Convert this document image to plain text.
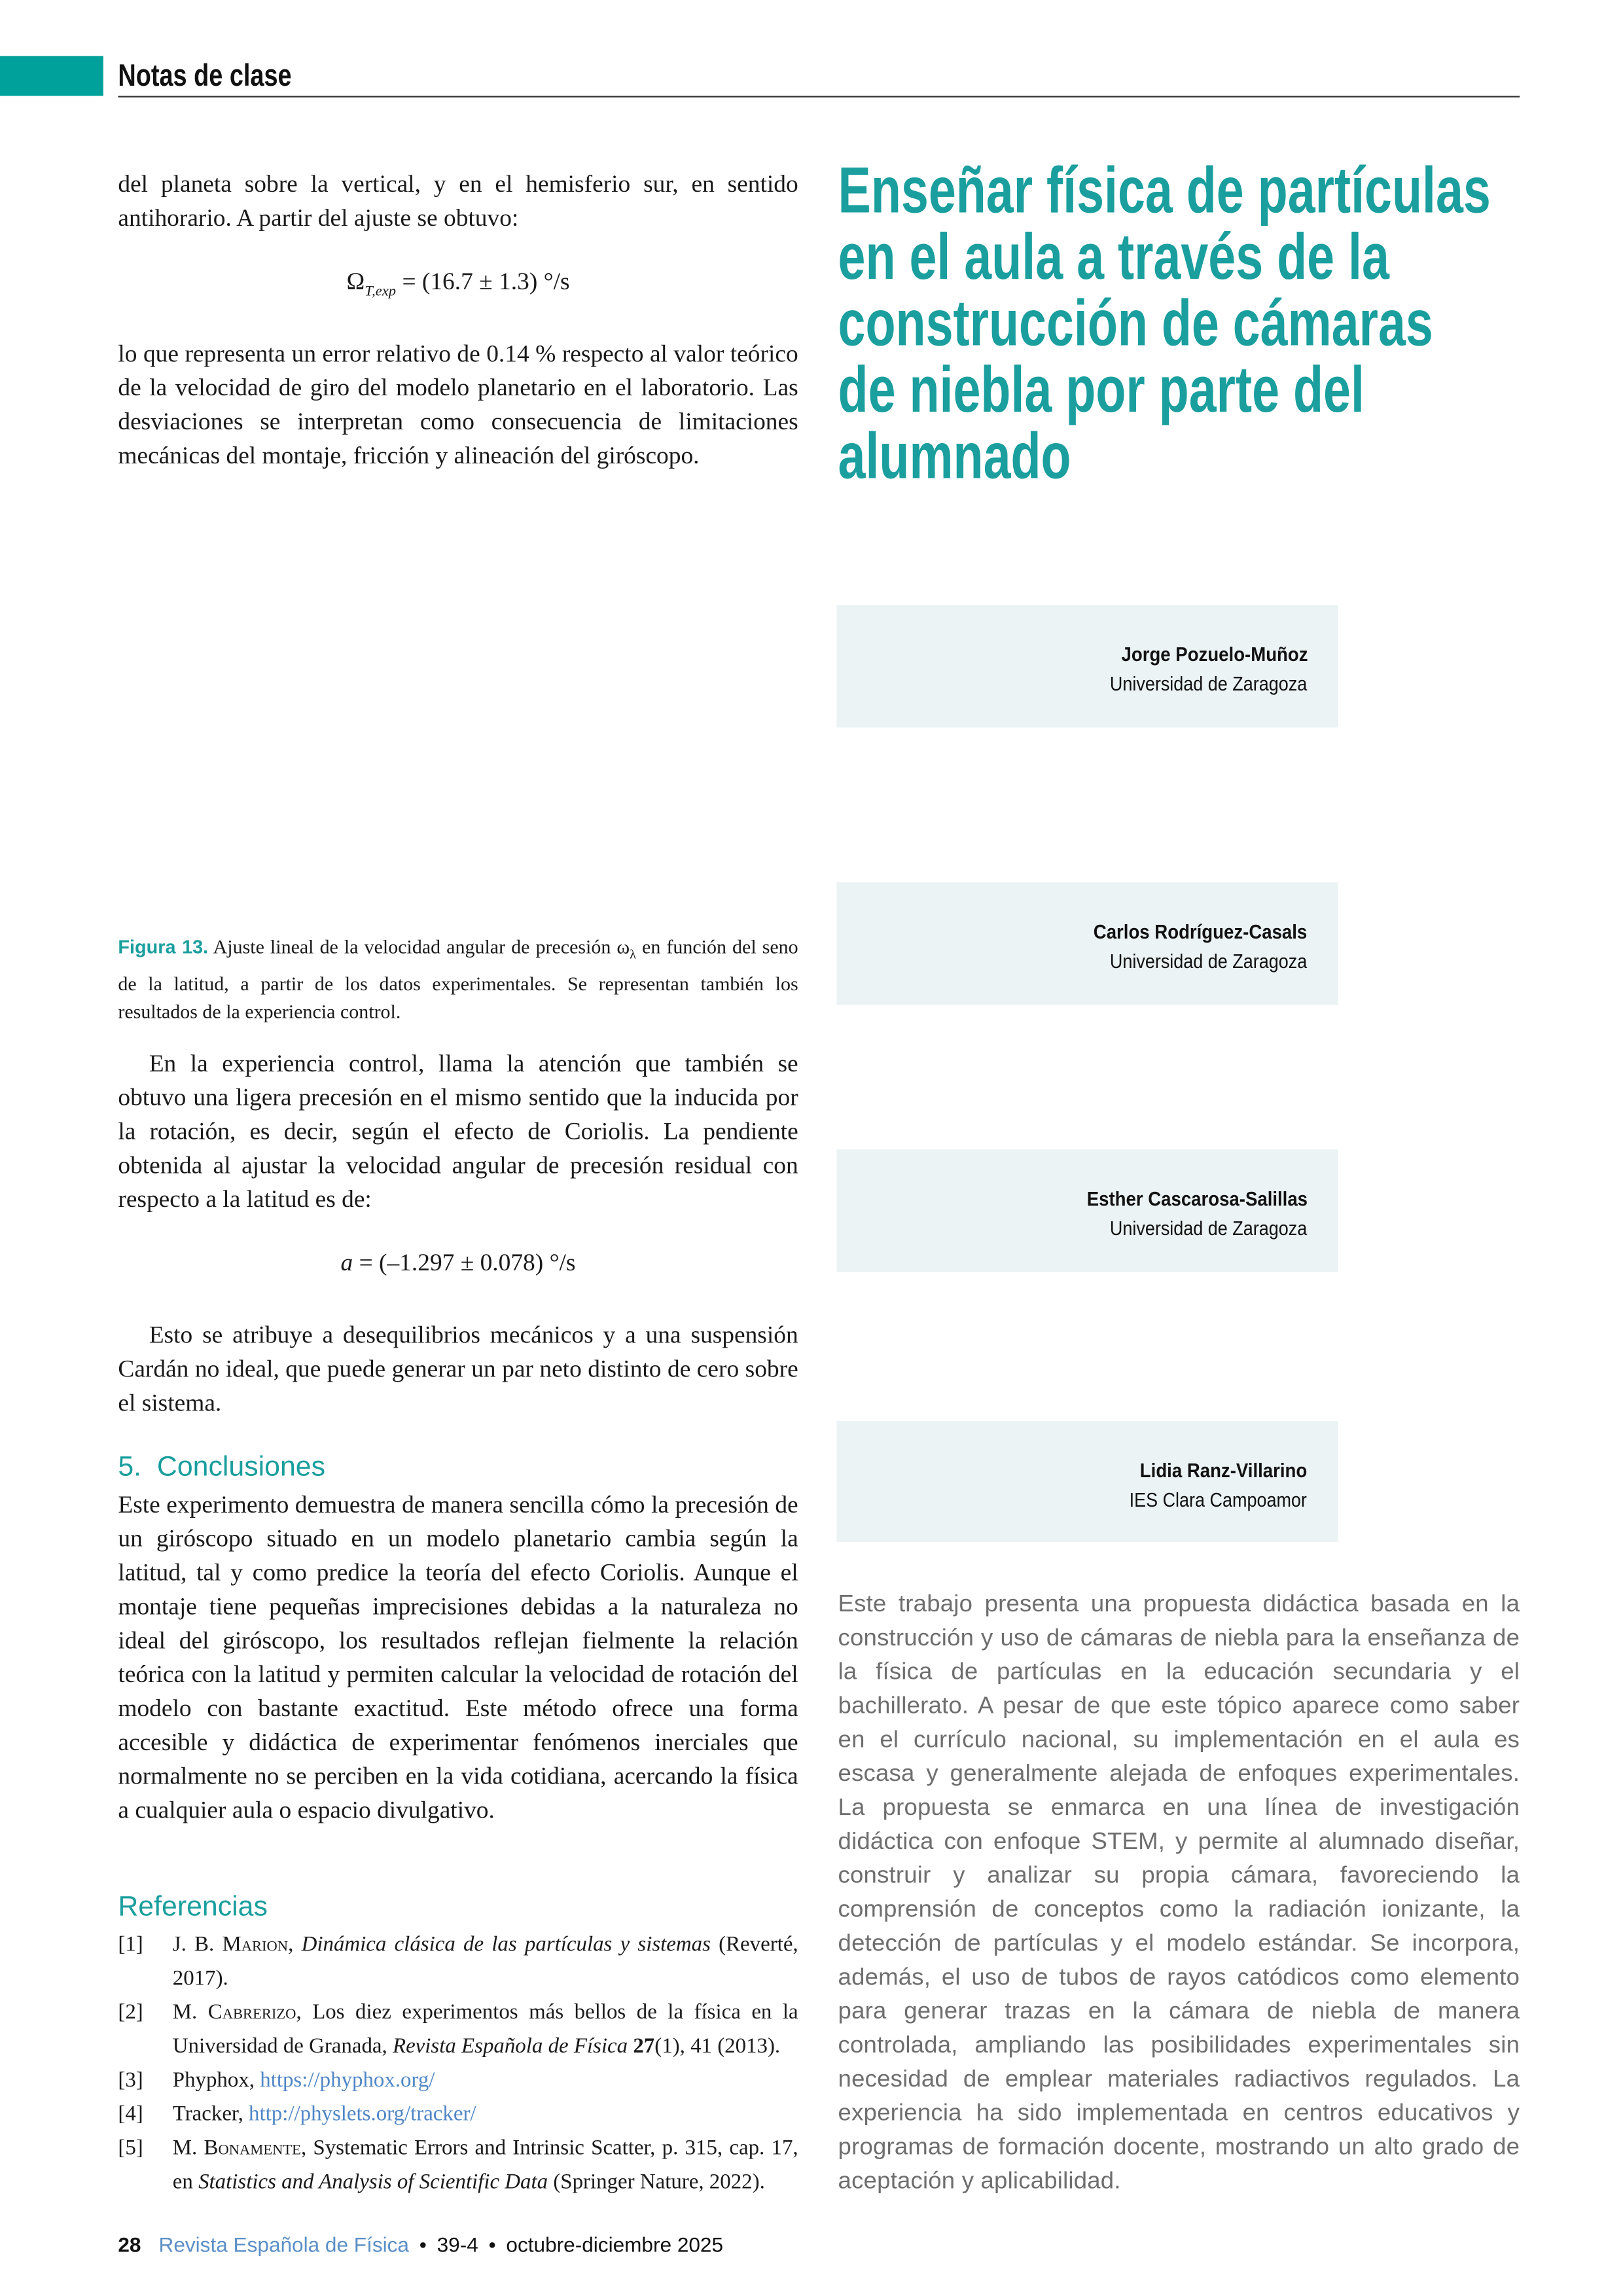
Notas de clase

del planeta sobre la vertical, y en el hemisferio sur, en sentido antihorario. A partir del ajuste se obtuvo:

$\Omega_{T,exp} = (16.7 \pm 1.3)$ °/s

lo que representa un error relativo de 0.14 % respecto al valor teórico de la velocidad de giro del modelo planetario en el laboratorio. Las desviaciones se interpretan como consecuencia de limitaciones mecánicas del montaje, fricción y alineación del giróscopo.

Figura 13. Ajuste lineal de la velocidad angular de precesión $\omega_\lambda$ en función del seno de la latitud, a partir de los datos experimentales. Se representan también los resultados de la experiencia control.

En la experiencia control, llama la atención que también se obtuvo una ligera precesión en el mismo sentido que la inducida por la rotación, es decir, según el efecto de Coriolis. La pendiente obtenida al ajustar la velocidad angular de precesión residual con respecto a la latitud es de:

a = (–1.297 ± 0.078) °/s

Esto se atribuye a desequilibrios mecánicos y a una suspensión Cardán no ideal, que puede generar un par neto distinto de cero sobre el sistema.

5.  Conclusiones

Este experimento demuestra de manera sencilla cómo la precesión de un giróscopo situado en un modelo planetario cambia según la latitud, tal y como predice la teoría del efecto Coriolis. Aunque el montaje tiene pequeñas imprecisiones debidas a la naturaleza no ideal del giróscopo, los resultados reflejan fielmente la relación teórica con la latitud y permiten calcular la velocidad de rotación del modelo con bastante exactitud. Este método ofrece una forma accesible y didáctica de experimentar fenómenos inerciales que normalmente no se perciben en la vida cotidiana, acercando la física a cualquier aula o espacio divulgativo.

Referencias
[1]	J. B. Marion, Dinámica clásica de las partículas y sistemas (Reverté, 2017).
[2]	M. Cabrerizo, Los diez experimentos más bellos de la física en la Universidad de Granada, Revista Española de Física 27(1), 41 (2013).
[3]	Phyphox, https://phyphox.org/
[4]	Tracker, http://physlets.org/tracker/
[5]	M. Bonamente, Systematic Errors and Intrinsic Scatter, p. 315, cap. 17, en Statistics and Analysis of Scientific Data (Springer Nature, 2022).
Enseñar física de partículas
en el aula a través de la
construcción de cámaras
de niebla por parte del
alumnado
Jorge Pozuelo-Muñoz
Universidad de Zaragoza
Carlos Rodríguez-Casals
Universidad de Zaragoza
Esther Cascarosa-Salillas
Universidad de Zaragoza
Lidia Ranz-Villarino
IES Clara Campoamor

Este trabajo presenta una propuesta didáctica basada en la construcción y uso de cámaras de niebla para la enseñanza de la física de partículas en la educación secundaria y el bachillerato. A pesar de que este tópico aparece como saber en el currículo nacional, su implementación en el aula es escasa y generalmente alejada de enfoques experimentales. La propuesta se enmarca en una línea de investigación didáctica con enfoque STEM, y permite al alumnado diseñar, construir y analizar su propia cámara, favoreciendo la comprensión de conceptos como la radiación ionizante, la detección de partículas y el modelo estándar. Se incorpora, además, el uso de tubos de rayos catódicos como elemento para generar trazas en la cámara de niebla de manera controlada, ampliando las posibilidades experimentales sin necesidad de emplear materiales radiactivos regulados. La experiencia ha sido implementada en centros educativos y programas de formación docente, mostrando un alto grado de aceptación y aplicabilidad.

28 Revista Española de Física • 39-4 • octubre-diciembre 2025
